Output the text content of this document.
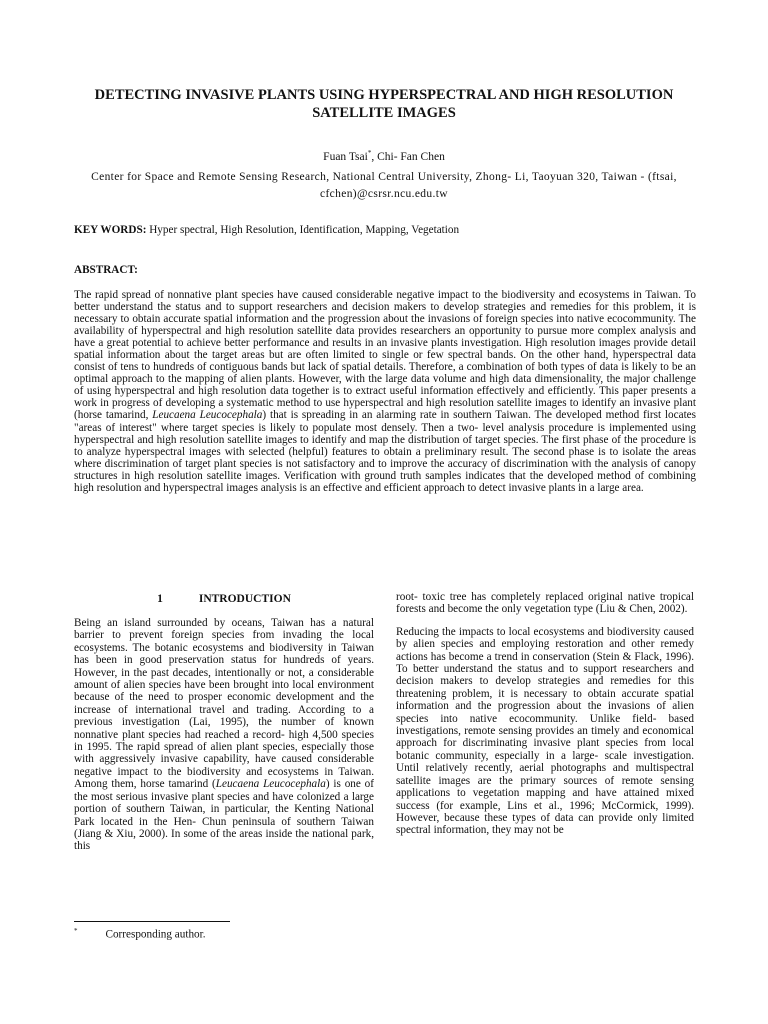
DETECTING INVASIVE PLANTS USING HYPERSPECTRAL AND HIGH RESOLUTION SATELLITE IMAGES
Fuan Tsai*, Chi- Fan Chen
Center for Space and Remote Sensing Research, National Central University, Zhong- Li, Taoyuan 320, Taiwan - (ftsai, cfchen)@csrsr.ncu.edu.tw
KEY WORDS: Hyper spectral, High Resolution, Identification, Mapping, Vegetation
ABSTRACT:

The rapid spread of nonnative plant species have caused considerable negative impact to the biodiversity and ecosystems in Taiwan. To better understand the status and to support researchers and decision makers to develop strategies and remedies for this problem, it is necessary to obtain accurate spatial information and the progression about the invasions of foreign species into native ecocommunity. The availability of hyperspectral and high resolution satellite data provides researchers an opportunity to pursue more complex analysis and have a great potential to achieve better performance and results in an invasive plants investigation. High resolution images provide detail spatial information about the target areas but are often limited to single or few spectral bands. On the other hand, hyperspectral data consist of tens to hundreds of contiguous bands but lack of spatial details. Therefore, a combination of both types of data is likely to be an optimal approach to the mapping of alien plants. However, with the large data volume and high data dimensionality, the major challenge of using hyperspectral and high resolution data together is to extract useful information effectively and efficiently. This paper presents a work in progress of developing a systematic method to use hyperspectral and high resolution satellite images to identify an invasive plant (horse tamarind, Leucaena Leucocephala) that is spreading in an alarming rate in southern Taiwan. The developed method first locates "areas of interest" where target species is likely to populate most densely. Then a two- level analysis procedure is implemented using hyperspectral and high resolution satellite images to identify and map the distribution of target species. The first phase of the procedure is to analyze hyperspectral images with selected (helpful) features to obtain a preliminary result. The second phase is to isolate the areas where discrimination of target plant species is not satisfactory and to improve the accuracy of discrimination with the analysis of canopy structures in high resolution satellite images. Verification with ground truth samples indicates that the developed method of combining high resolution and hyperspectral images analysis is an effective and efficient approach to detect invasive plants in a large area.

1	INTRODUCTION

Being an island surrounded by oceans, Taiwan has a natural barrier to prevent foreign species from invading the local ecosystems. The botanic ecosystems and biodiversity in Taiwan has been in good preservation status for hundreds of years. However, in the past decades, intentionally or not, a considerable amount of alien species have been brought into local environment because of the need to prosper economic development and the increase of international travel and trading. According to a previous investigation (Lai, 1995), the number of known nonnative plant species had reached a record- high 4,500 species in 1995. The rapid spread of alien plant species, especially those with aggressively invasive capability, have caused considerable negative impact to the biodiversity and ecosystems in Taiwan. Among them, horse tamarind (Leucaena Leucocephala) is one of the most serious invasive plant species and have colonized a large portion of southern Taiwan, in particular, the Kenting National Park located in the Hen- Chun peninsula of southern Taiwan (Jiang & Xiu, 2000). In some of the areas inside the national park, this

root- toxic tree has completely replaced original native tropical forests and become the only vegetation type (Liu & Chen, 2002).

Reducing the impacts to local ecosystems and biodiversity caused by alien species and employing restoration and other remedy actions has become a trend in conservation (Stein & Flack, 1996). To better understand the status and to support researchers and decision makers to develop strategies and remedies for this threatening problem, it is necessary to obtain accurate spatial information and the progression about the invasions of alien species into native ecocommunity. Unlike field- based investigations, remote sensing provides an timely and economical approach for discriminating invasive plant species from local botanic community, especially in a large- scale investigation. Until relatively recently, aerial photographs and multispectral satellite images are the primary sources of remote sensing applications to vegetation mapping and have attained mixed success (for example, Lins et al., 1996; McCormick, 1999). However, because these types of data can provide only limited spectral information, they may not be

*	Corresponding author.
